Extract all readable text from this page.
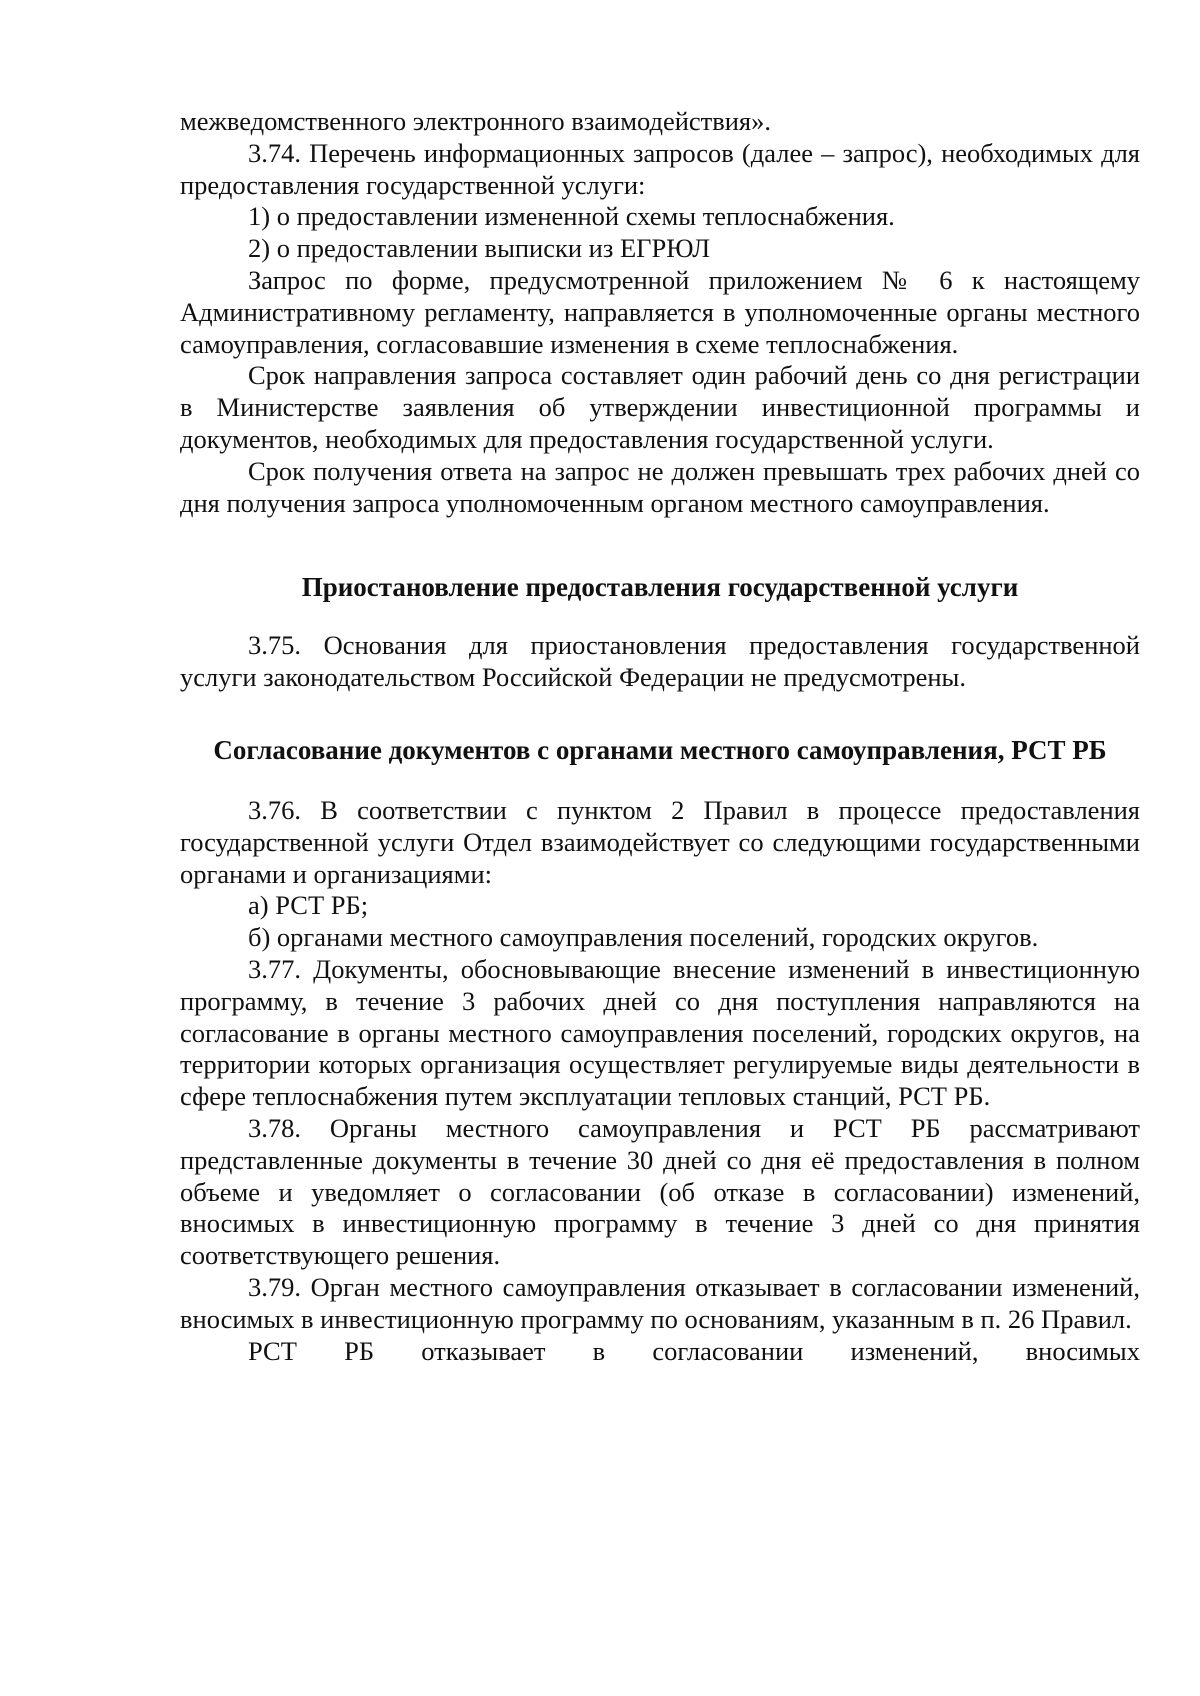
межведомственного электронного взаимодействия».

3.74. Перечень информационных запросов (далее – запрос), необходимых для предоставления государственной услуги:

1) о предоставлении измененной схемы теплоснабжения.

2) о предоставлении выписки из ЕГРЮЛ

Запрос по форме, предусмотренной приложением № 6 к настоящему Административному регламенту, направляется в уполномоченные органы местного самоуправления, согласовавшие изменения в схеме теплоснабжения.

Срок направления запроса составляет один рабочий день со дня регистрации в Министерстве заявления об утверждении инвестиционной программы и документов, необходимых для предоставления государственной услуги.

Срок получения ответа на запрос не должен превышать трех рабочих дней со дня получения запроса уполномоченным органом местного самоуправления.

Приостановление предоставления государственной услуги

3.75. Основания для приостановления предоставления государственной услуги законодательством Российской Федерации не предусмотрены.

Согласование документов с органами местного самоуправления, РСТ РБ

3.76. В соответствии с пунктом 2 Правил в процессе предоставления государственной услуги Отдел взаимодействует со следующими государственными органами и организациями:

а) РСТ РБ;

б) органами местного самоуправления поселений, городских округов.

3.77. Документы, обосновывающие внесение изменений в инвестиционную программу, в течение 3 рабочих дней со дня поступления направляются на согласование в органы местного самоуправления поселений, городских округов, на территории которых организация осуществляет регулируемые виды деятельности в сфере теплоснабжения путем эксплуатации тепловых станций, РСТ РБ.

3.78. Органы местного самоуправления и РСТ РБ рассматривают представленные документы в течение 30 дней со дня её предоставления в полном объеме и уведомляет о согласовании (об отказе в согласовании) изменений, вносимых в инвестиционную программу в течение 3 дней со дня принятия соответствующего решения.

3.79. Орган местного самоуправления отказывает в согласовании изменений, вносимых в инвестиционную программу по основаниям, указанным в п. 26 Правил.

РСТ РБ отказывает в согласовании изменений, вносимых
